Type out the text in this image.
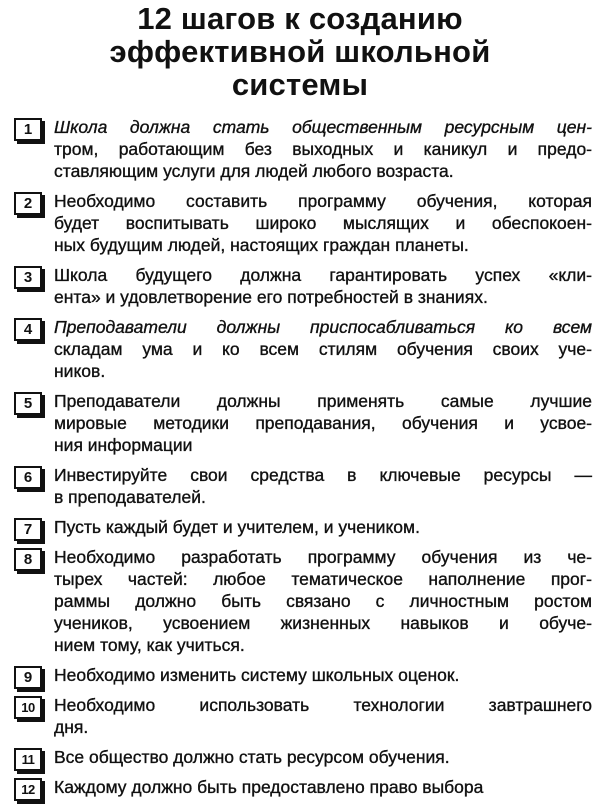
12 шагов к созданию
эффективной школьной
системы
1	Школа должна стать общественным ресурсным цен-
тром, работающим без выходных и каникул и предо-
ставляющим услуги для людей любого возраста.
2	Необходимо составить программу обучения, которая
будет воспитывать широко мыслящих и обеспокоен-
ных будущим людей, настоящих граждан планеты.
3	Школа будущего должна гарантировать успех «кли-
ента» и удовлетворение его потребностей в знаниях.
4	Преподаватели должны приспосабливаться ко всем
складам ума и ко всем стилям обучения своих уче-
ников.
5	Преподаватели должны применять самые лучшие
мировые методики преподавания, обучения и усвое-
ния информации
6	Инвестируйте свои средства в ключевые ресурсы —
в преподавателей.
7	Пусть каждый будет и учителем, и учеником.
8	Необходимо разработать программу обучения из че-
тырех частей: любое тематическое наполнение прог-
раммы должно быть связано с личностным ростом
учеников, усвоением жизненных навыков и обуче-
нием тому, как учиться.
9	Необходимо изменить систему школьных оценок.
10	Необходимо использовать технологии завтрашнего
дня.
11	Все общество должно стать ресурсом обучения.
12	Каждому должно быть предоставлено право выбора
